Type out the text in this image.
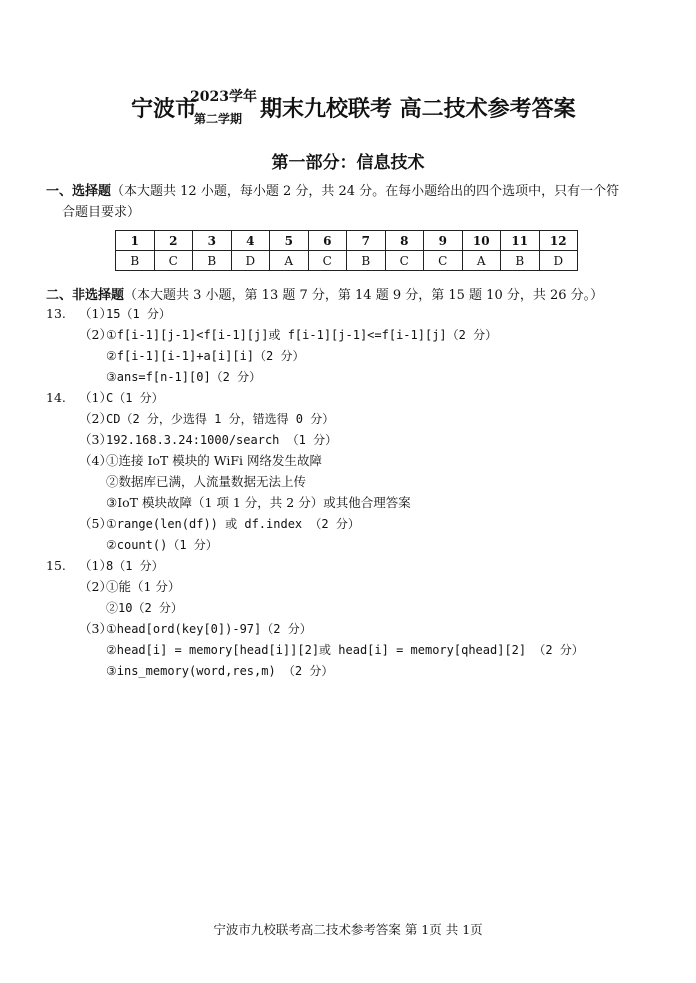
宁波市
2023学年
第二学期 期末九校联考 高二技术参考答案
第一部分：信息技术
一、选择题（本大题共 12 小题，每小题 2 分，共 24 分。在每小题给出的四个选项中，只有一个符
合题目要求）
1	2	3	4	5	6	7	8	9	10	11	12
B	C	B	D	A	C	B	C	C	A	B	D
二、非选择题（本大题共 3 小题，第 13 题 7 分，第 14 题 9 分，第 15 题 10 分，共 26 分。）
13. （1）
15（1 分）
（2）
①f[i-1][j-1]<f[i-1][j]或 f[i-1][j-1]<=f[i-1][j]（2 分）
②f[i-1][i-1]+a[i][i]（2 分）
③ans=f[n-1][0]（2 分）
14. （1）
C（1 分）
（2）
CD（2 分，少选得 1 分，错选得 0 分）
（3）
192.168.3.24:1000/search （1 分）
（4）
①连接 IoT 模块的 WiFi 网络发生故障
②数据库已满，人流量数据无法上传
③IoT 模块故障（1 项 1 分，共 2 分）或其他合理答案
（5）
①range(len(df)) 或 df.index （2 分）
②count()（1 分）
15. （1）
8（1 分）
（2）
①能（1 分）
②10（2 分）
（3）
①head[ord(key[0])-97]（2 分）
②head[i] = memory[head[i]][2]或 head[i] = memory[qhead][2] （2 分）
③ins_memory(word,res,m) （2 分）
宁波市九校联考高二技术参考答案 第 1页 共 1页
